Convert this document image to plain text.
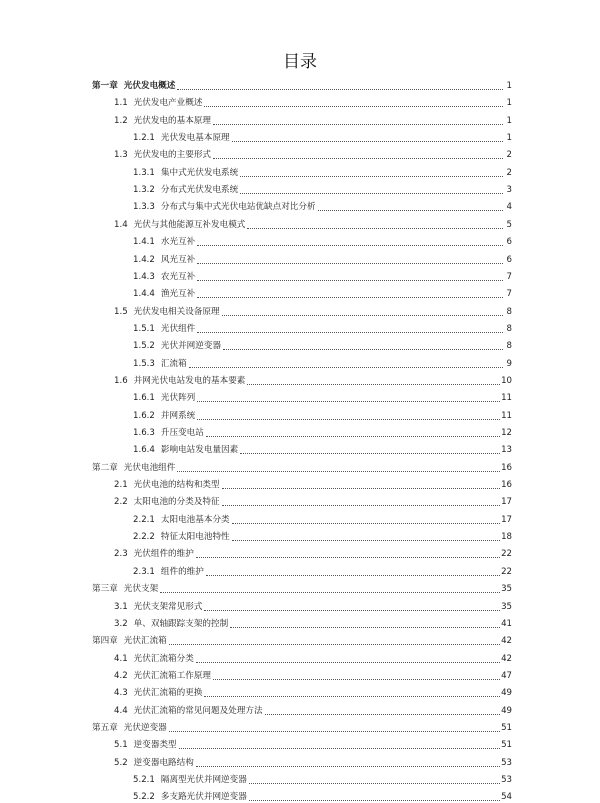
目录
第一章 光伏发电概述	1
1.1 光伏发电产业概述	1
1.2 光伏发电的基本原理	1
1.2.1 光伏发电基本原理	1
1.3 光伏发电的主要形式	2
1.3.1 集中式光伏发电系统	2
1.3.2 分布式光伏发电系统	3
1.3.3 分布式与集中式光伏电站优缺点对比分析	4
1.4 光伏与其他能源互补发电模式	5
1.4.1 水光互补	6
1.4.2 风光互补	6
1.4.3 农光互补	7
1.4.4 渔光互补	7
1.5 光伏发电相关设备原理	8
1.5.1 光伏组件	8
1.5.2 光伏并网逆变器	8
1.5.3 汇流箱	9
1.6 并网光伏电站发电的基本要素	10
1.6.1 光伏阵列	11
1.6.2 并网系统	11
1.6.3 升压变电站	12
1.6.4 影响电站发电量因素	13
第二章 光伏电池组件	16
2.1 光伏电池的结构和类型	16
2.2 太阳电池的分类及特征	17
2.2.1 太阳电池基本分类	17
2.2.2 特征太阳电池特性	18
2.3 光伏组件的维护	22
2.3.1 组件的维护	22
第三章 光伏支架	35
3.1 光伏支架常见形式	35
3.2 单、双轴跟踪支架的控制	41
第四章 光伏汇流箱	42
4.1 光伏汇流箱分类	42
4.2 光伏汇流箱工作原理	47
4.3 光伏汇流箱的更换	49
4.4 光伏汇流箱的常见问题及处理方法	49
第五章 光伏逆变器	51
5.1 逆变器类型	51
5.2 逆变器电路结构	53
5.2.1 隔离型光伏并网逆变器	53
5.2.2 多支路光伏并网逆变器	54
